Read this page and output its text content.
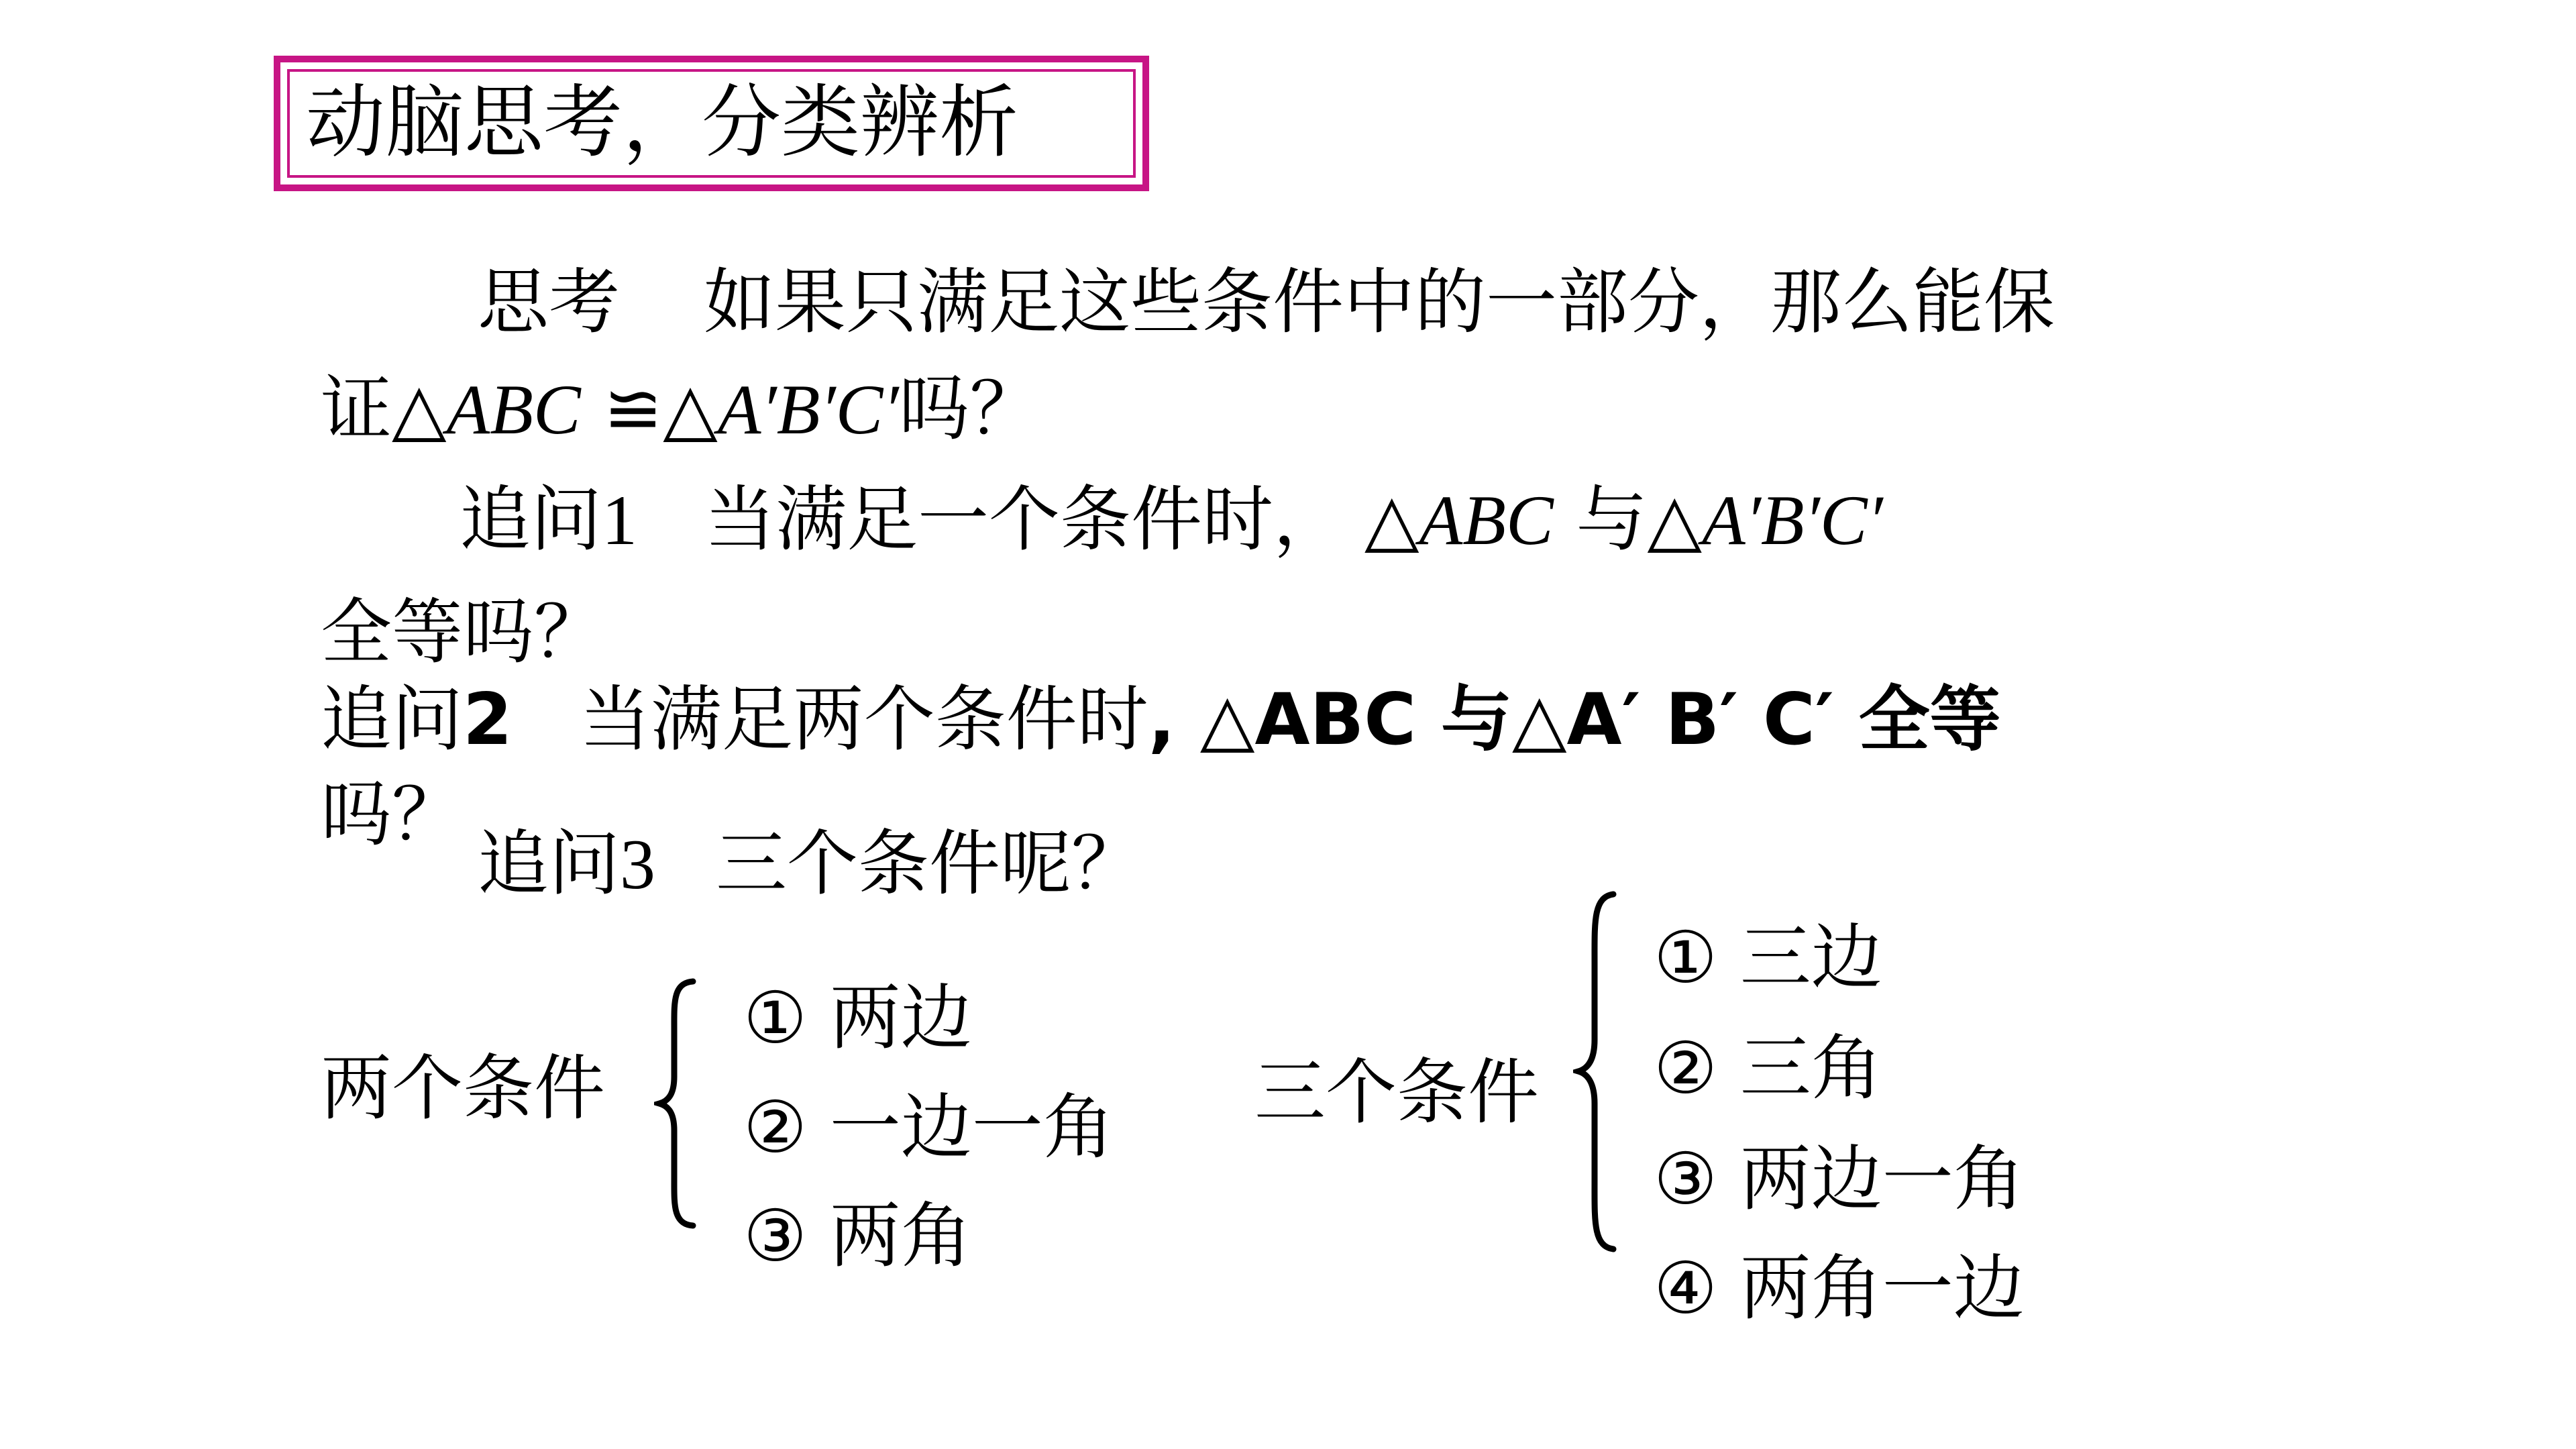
动脑思考，分类辨析
思考 如果只满足这些条件中的一部分，那么能保
证△ABC ≌△A′B′C′吗？
追问1 当满足一个条件时， △ABC 与△A′B′C′
全等吗？
追问2 当满足两个条件时, △ABC 与△A′ B′ C′ 全等
吗？
追问3 三个条件呢？
两个条件
① 两边
② 一边一角
③ 两角
三个条件
① 三边
② 三角
③ 两边一角
④ 两角一边
